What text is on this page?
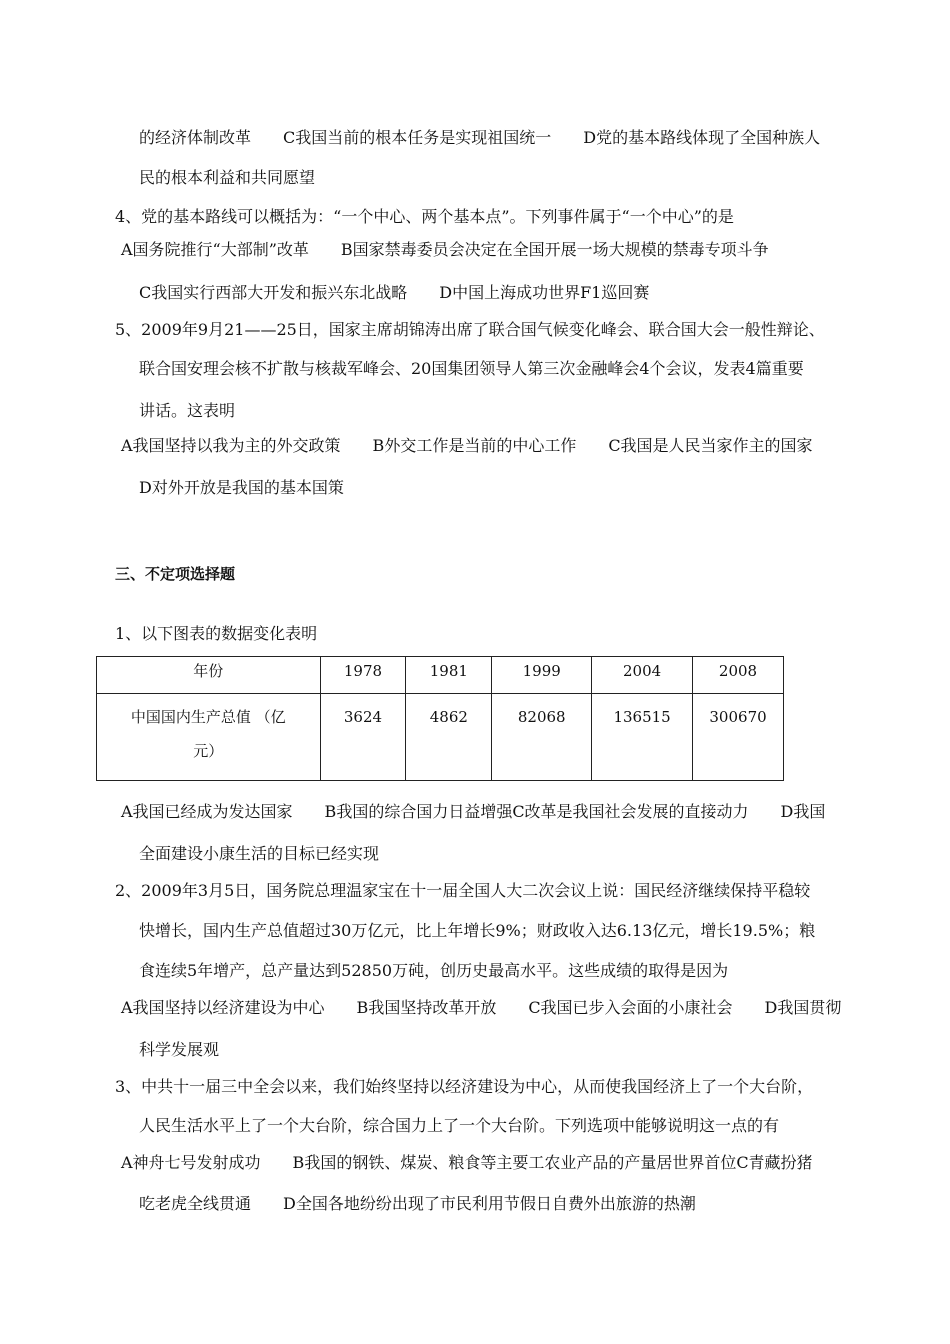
的经济体制改革　　C我国当前的根本任务是实现祖国统一　　D党的基本路线体现了全国种族人
民的根本利益和共同愿望
4、党的基本路线可以概括为：“一个中心、两个基本点”。下列事件属于“一个中心”的是
A国务院推行“大部制”改革　　B国家禁毒委员会决定在全国开展一场大规模的禁毒专项斗争
C我国实行西部大开发和振兴东北战略　　D中国上海成功世界F1巡回赛
5、2009年9月21——25日，国家主席胡锦涛出席了联合国气候变化峰会、联合国大会一般性辩论、
联合国安理会核不扩散与核裁军峰会、20国集团领导人第三次金融峰会4个会议，发表4篇重要
讲话。这表明
A我国坚持以我为主的外交政策　　B外交工作是当前的中心工作　　C我国是人民当家作主的国家
D对外开放是我国的基本国策
三、不定项选择题
1、以下图表的数据变化表明
年份	1978	1981	1999	2004	2008

中国国内生产总值 （亿
元）	3624	4862	82068	136515	300670
A我国已经成为发达国家　　B我国的综合国力日益增强C改革是我国社会发展的直接动力　　D我国
全面建设小康生活的目标已经实现
2、2009年3月5日，国务院总理温家宝在十一届全国人大二次会议上说：国民经济继续保持平稳较
快增长，国内生产总值超过30万亿元，比上年增长9%；财政收入达6.13亿元，增长19.5%；粮
食连续5年增产，总产量达到52850万砘，创历史最高水平。这些成绩的取得是因为
A我国坚持以经济建设为中心　　B我国坚持改革开放　　C我国已步入会面的小康社会　　D我国贯彻
科学发展观
3、中共十一届三中全会以来，我们始终坚持以经济建设为中心，从而使我国经济上了一个大台阶，
人民生活水平上了一个大台阶，综合国力上了一个大台阶。下列选项中能够说明这一点的有
A神舟七号发射成功　　B我国的钢铁、煤炭、粮食等主要工农业产品的产量居世界首位C青藏扮猪
吃老虎全线贯通　　D全国各地纷纷出现了市民利用节假日自费外出旅游的热潮
